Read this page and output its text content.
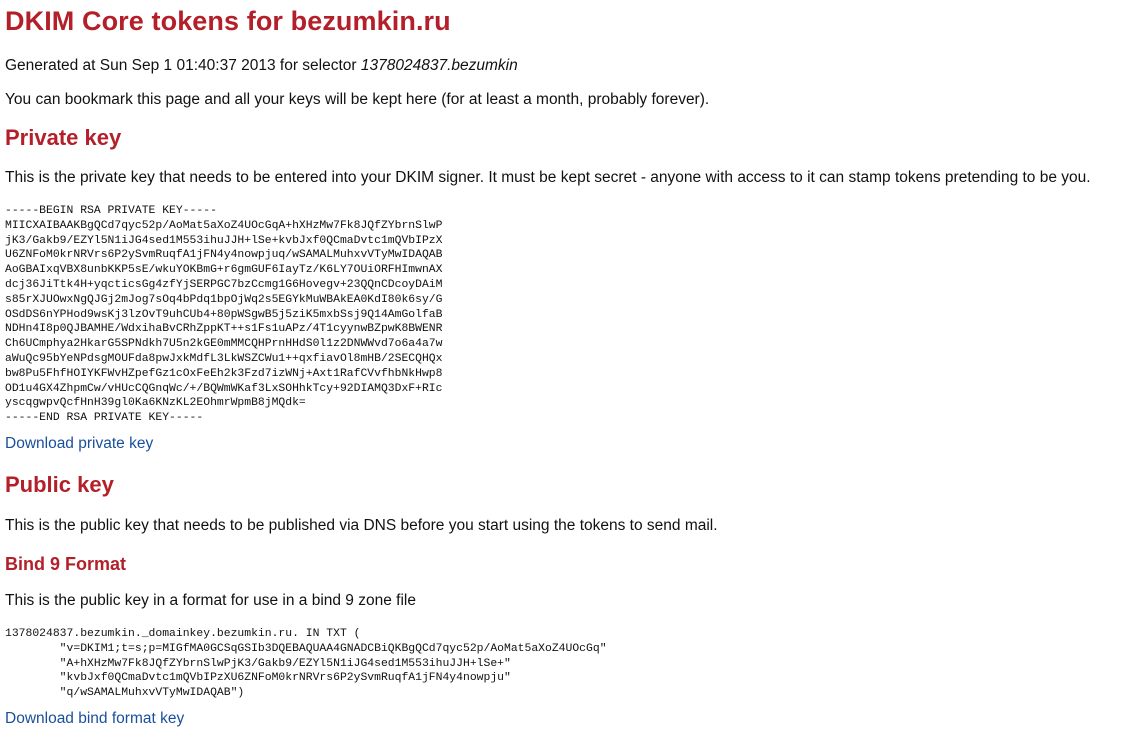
DKIM Core tokens for bezumkin.ru

Generated at Sun Sep 1 01:40:37 2013 for selector 1378024837.bezumkin

You can bookmark this page and all your keys will be kept here (for at least a month, probably forever).

Private key

This is the private key that needs to be entered into your DKIM signer. It must be kept secret - anyone with access to it can stamp tokens pretending to be you.

-----BEGIN RSA PRIVATE KEY-----
MIICXAIBAAKBgQCd7qyc52p/AoMat5aXoZ4UOcGqA+hXHzMw7Fk8JQfZYbrnSlwP
jK3/Gakb9/EZYl5N1iJG4sed1M553ihuJJH+lSe+kvbJxf0QCmaDvtc1mQVbIPzX
U6ZNFoM0krNRVrs6P2ySvmRuqfA1jFN4y4nowpjuq/wSAMALMuhxvVTyMwIDAQAB
AoGBAIxqVBX8unbKKP5sE/wkuYOKBmG+r6gmGUF6IayTz/K6LY7OUiORFHImwnAX
dcj36JiTtk4H+yqcticsGg4zfYjSERPGC7bzCcmg1G6Hovegv+23QQnCDcoyDAiM
s85rXJUOwxNgQJGj2mJog7sOq4bPdq1bpOjWq2s5EGYkMuWBAkEA0KdI80k6sy/G
OSdDS6nYPHod9wsKj3lzOvT9uhCUb4+80pWSgwB5j5ziK5mxbSsj9Q14AmGolfaB
NDHn4I8p0QJBAMHE/WdxihaBvCRhZppKT++s1Fs1uAPz/4T1cyynwBZpwK8BWENR
Ch6UCmphya2HkarG5SPNdkh7U5n2kGE0mMMCQHPrnHHdS0l1z2DNWWvd7o6a4a7w
aWuQc95bYeNPdsgMOUFda8pwJxkMdfL3LkWSZCWu1++qxfiavOl8mHB/2SECQHQx
bw8Pu5FhfHOIYKFWvHZpefGz1cOxFeEh2k3Fzd7izWNj+Axt1RafCVvfhbNkHwp8
OD1u4GX4ZhpmCw/vHUcCQGnqWc/+/BQWmWKaf3LxSOHhkTcy+92DIAMQ3DxF+RIc
yscqgwpvQcfHnH39gl0Ka6KNzKL2EOhmrWpmB8jMQdk=
-----END RSA PRIVATE KEY-----
Download private key
Public key

This is the public key that needs to be published via DNS before you start using the tokens to send mail.

Bind 9 Format

This is the public key in a format for use in a bind 9 zone file

1378024837.bezumkin._domainkey.bezumkin.ru. IN TXT (
"v=DKIM1;t=s;p=MIGfMA0GCSqGSIb3DQEBAQUAA4GNADCBiQKBgQCd7qyc52p/AoMat5aXoZ4UOcGq"
"A+hXHzMw7Fk8JQfZYbrnSlwPjK3/Gakb9/EZYl5N1iJG4sed1M553ihuJJH+lSe+"
"kvbJxf0QCmaDvtc1mQVbIPzXU6ZNFoM0krNRVrs6P2ySvmRuqfA1jFN4y4nowpju"
"q/wSAMALMuhxvVTyMwIDAQAB")
Download bind format key
